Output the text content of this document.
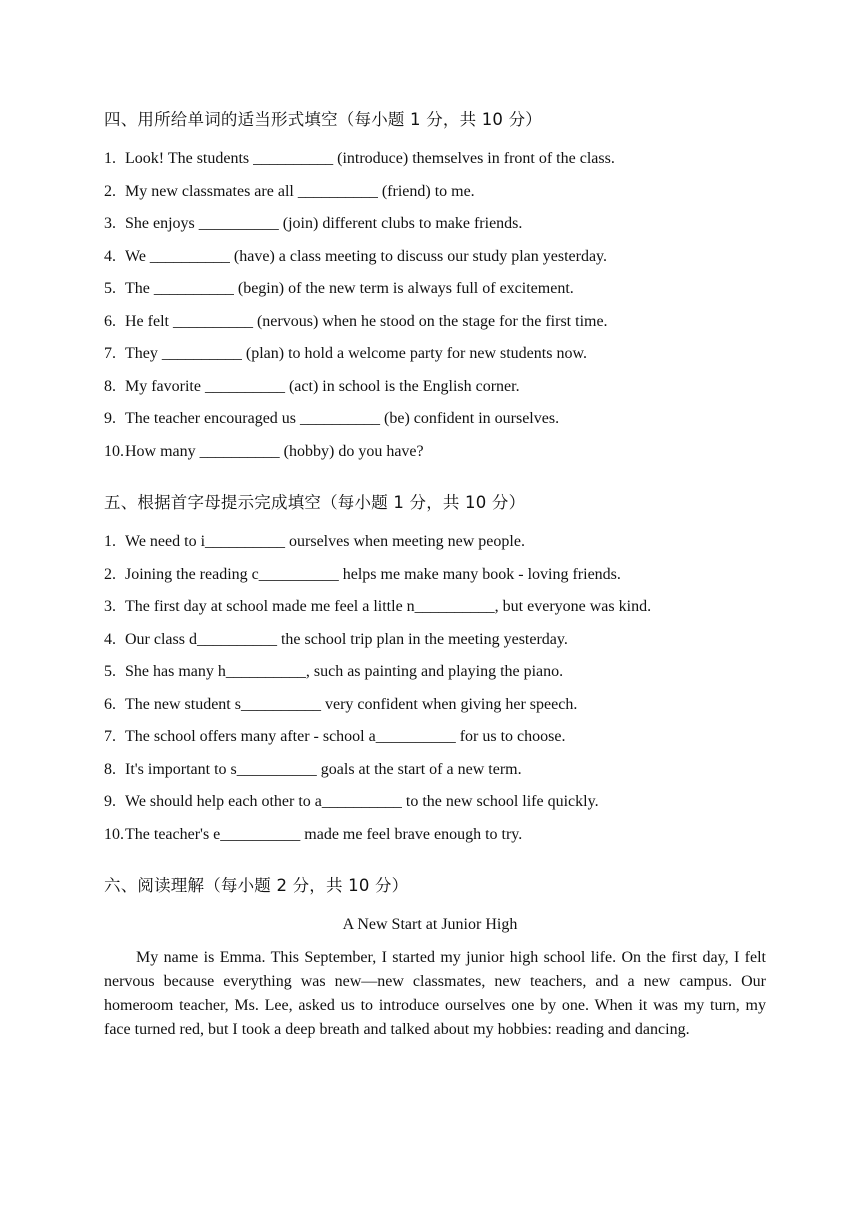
四、用所给单词的适当形式填空（每小题 1 分，共 10 分）
1. Look! The students __________ (introduce) themselves in front of the class.
2. My new classmates are all __________ (friend) to me.
3. She enjoys __________ (join) different clubs to make friends.
4. We __________ (have) a class meeting to discuss our study plan yesterday.
5. The __________ (begin) of the new term is always full of excitement.
6. He felt __________ (nervous) when he stood on the stage for the first time.
7. They __________ (plan) to hold a welcome party for new students now.
8. My favorite __________ (act) in school is the English corner.
9. The teacher encouraged us __________ (be) confident in ourselves.
10.How many __________ (hobby) do you have?
五、根据首字母提示完成填空（每小题 1 分，共 10 分）
1. We need to i__________ ourselves when meeting new people.
2. Joining the reading c__________ helps me make many book - loving friends.
3. The first day at school made me feel a little n__________, but everyone was kind.
4. Our class d__________ the school trip plan in the meeting yesterday.
5. She has many h__________, such as painting and playing the piano.
6. The new student s__________ very confident when giving her speech.
7. The school offers many after - school a__________ for us to choose.
8. It's important to s__________ goals at the start of a new term.
9. We should help each other to a__________ to the new school life quickly.
10.The teacher's e__________ made me feel brave enough to try.
六、阅读理解（每小题 2 分，共 10 分）
A New Start at Junior High
My name is Emma. This September, I started my junior high school life. On the first day, I felt nervous because everything was new—new classmates, new teachers, and a new campus. Our homeroom teacher, Ms. Lee, asked us to introduce ourselves one by one. When it was my turn, my face turned red, but I took a deep breath and talked about my hobbies: reading and dancing.
